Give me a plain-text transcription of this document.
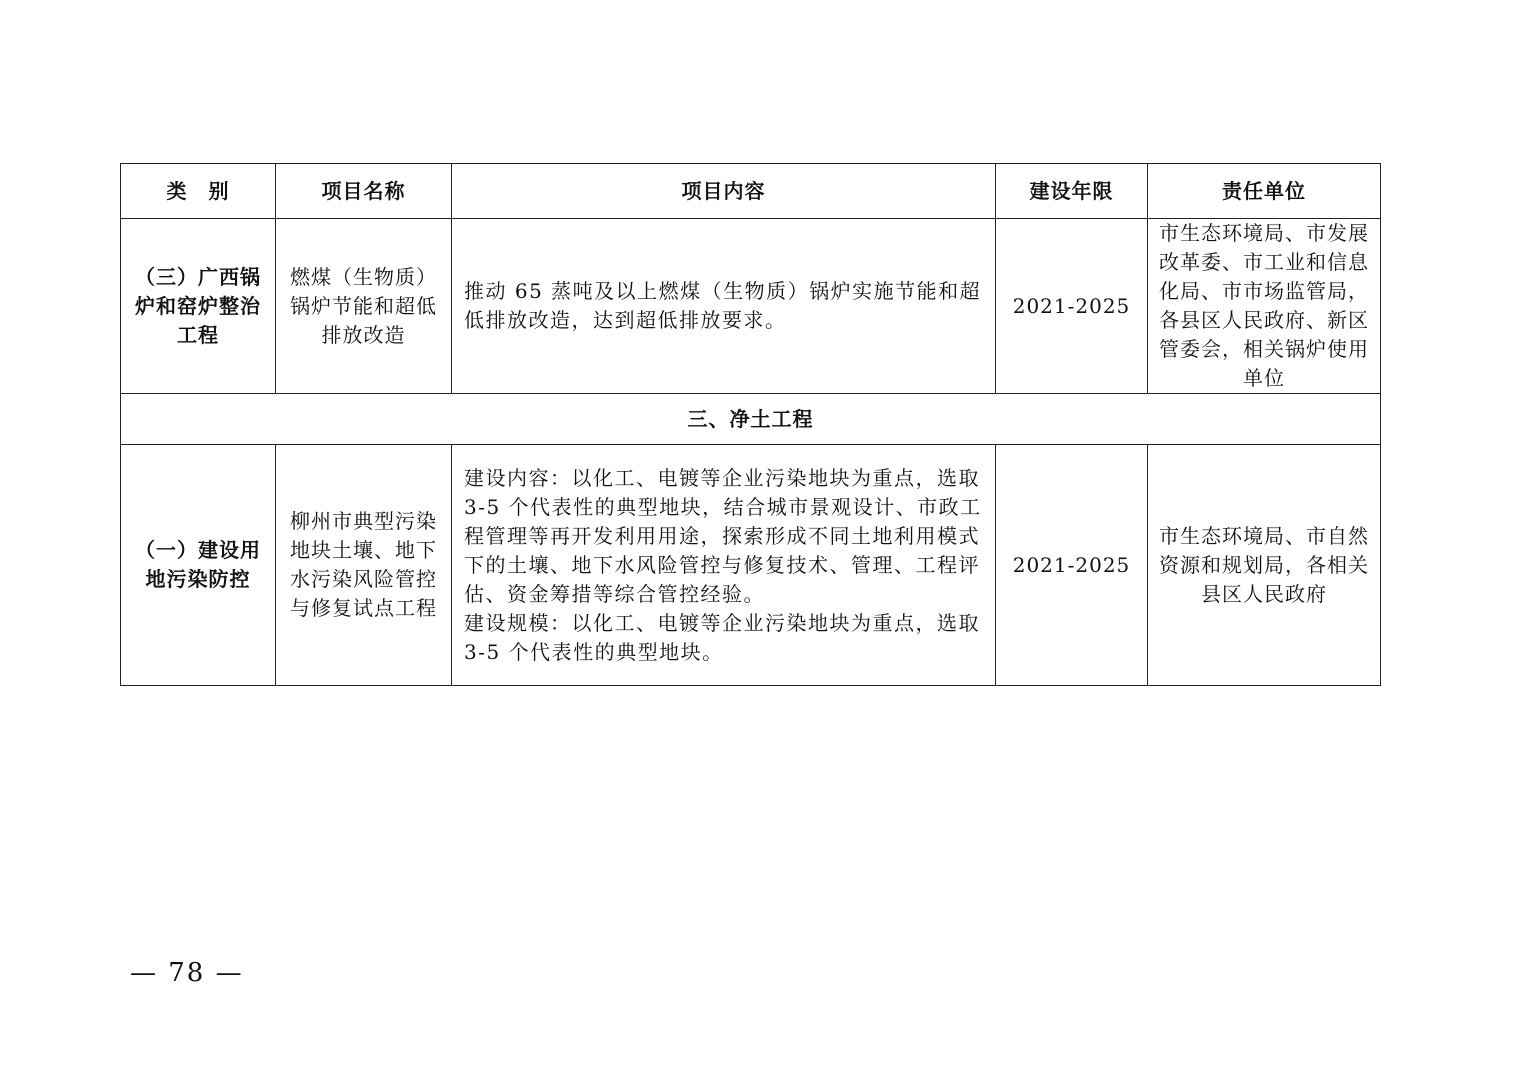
类　别	项目名称	项目内容	建设年限	责任单位
（三）广西锅炉和窑炉整治工程	燃煤（生物质）锅炉节能和超低排放改造	推动 65 蒸吨及以上燃煤（生物质）锅炉实施节能和超低排放改造，达到超低排放要求。	2021-2025	市生态环境局、市发展改革委、市工业和信息化局、市市场监管局，各县区人民政府、新区管委会，相关锅炉使用单位
三、净土工程				
（一）建设用地污染防控	柳州市典型污染地块土壤、地下水污染风险管控与修复试点工程	建设内容：以化工、电镀等企业污染地块为重点，选取3-5 个代表性的典型地块，结合城市景观设计、市政工程管理等再开发利用用途，探索形成不同土地利用模式下的土壤、地下水风险管控与修复技术、管理、工程评估、资金筹措等综合管控经验。
建设规模：以化工、电镀等企业污染地块为重点，选取3-5 个代表性的典型地块。	2021-2025	市生态环境局、市自然资源和规划局，各相关县区人民政府
— 78 —
